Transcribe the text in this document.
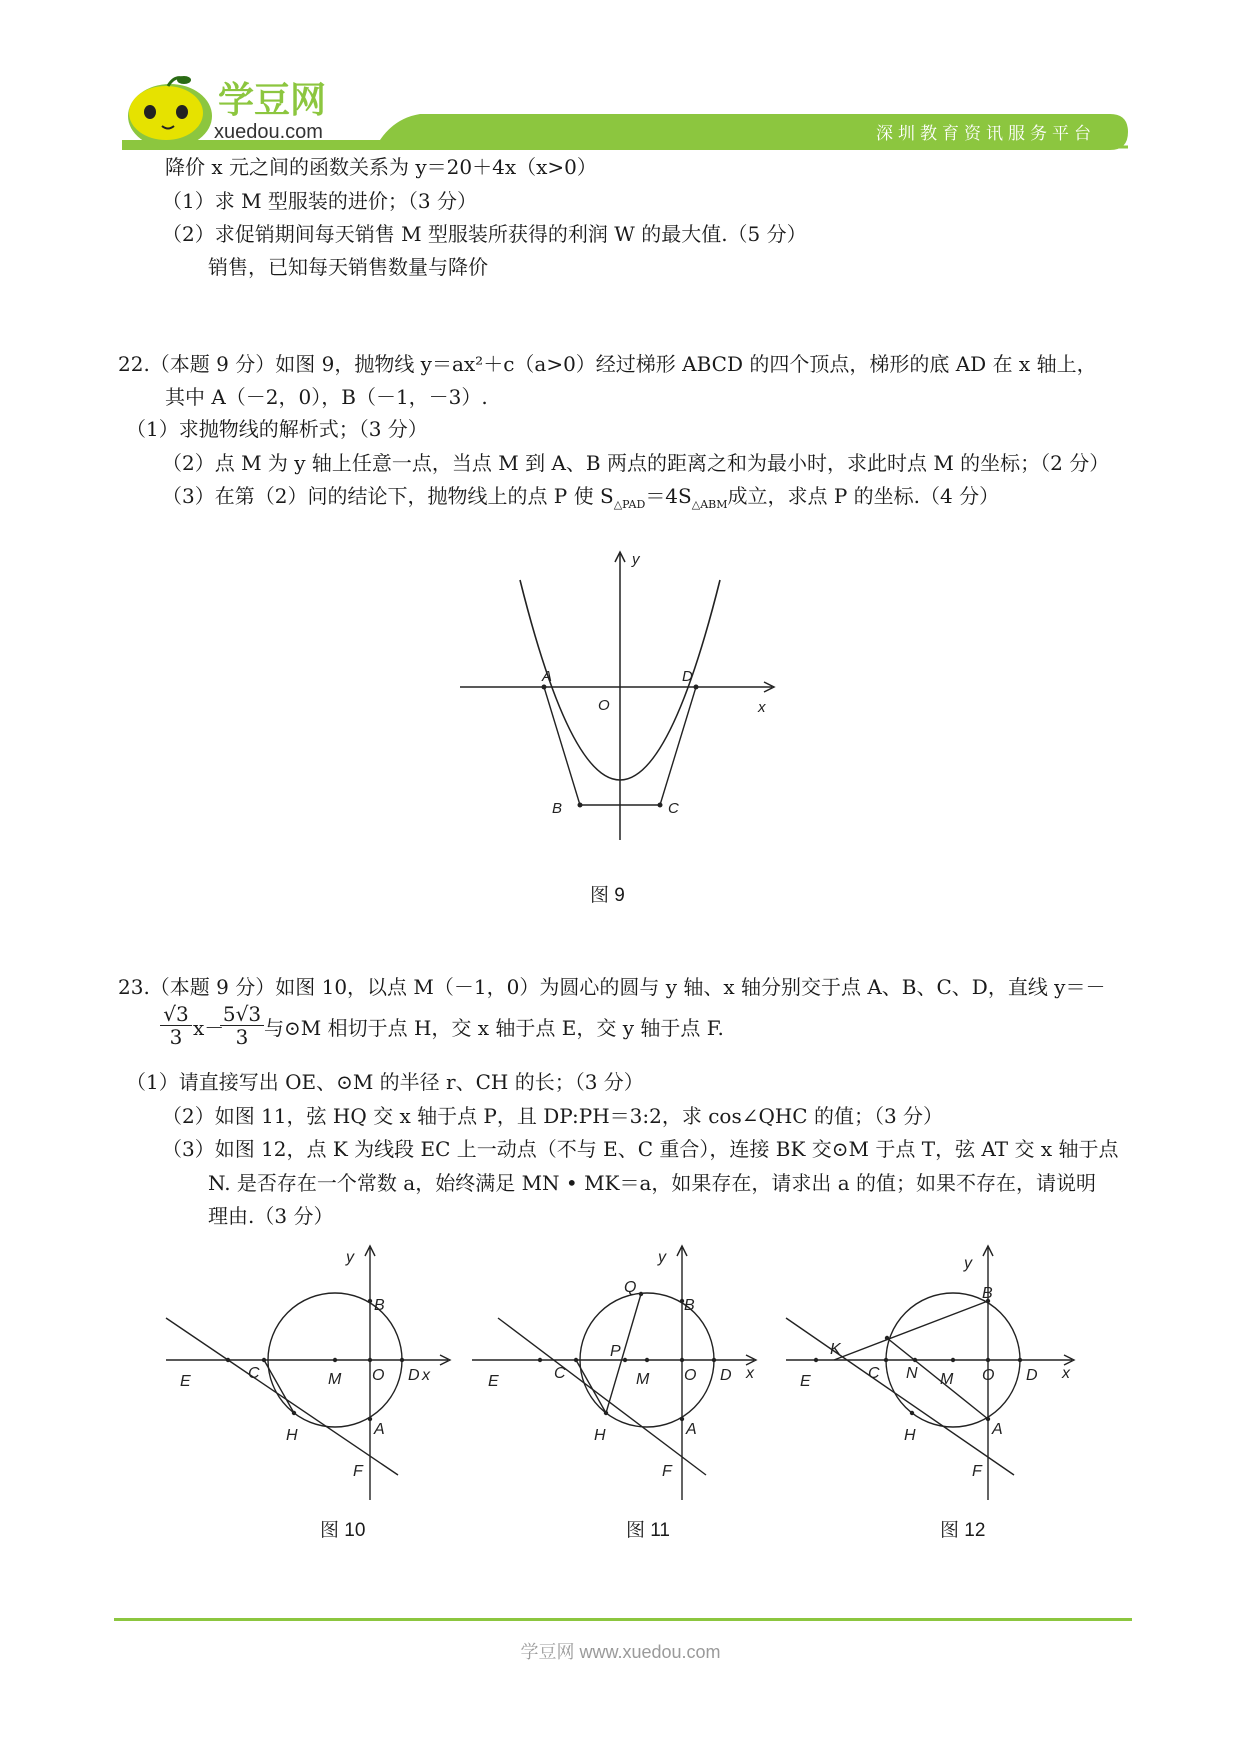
学豆网
xuedou.com	深圳教育资讯服务平台
降价 x 元之间的函数关系为 y＝20＋4x（x>0）
（1）求 M 型服装的进价；（3 分）
（2）求促销期间每天销售 M 型服装所获得的利润 W 的最大值.（5 分）
销售，已知每天销售数量与降价
22.（本题 9 分）如图 9，抛物线 y＝ax²＋c（a>0）经过梯形 ABCD 的四个顶点，梯形的底 AD 在 x 轴上，
其中 A（－2，0），B（－1，－3）.
（1）求抛物线的解析式；（3 分）
（2）点 M 为 y 轴上任意一点，当点 M 到 A、B 两点的距离之和为最小时，求此时点 M 的坐标；（2 分）
（3）在第（2）问的结论下，抛物线上的点 P 使 $S_{\triangle PAD}=4S_{\triangle ABM}$成立，求点 P 的坐标.（4 分）
y
x
O
A	D
B	C
图 9
23.（本题 9 分）如图 10，以点 M（－1，0）为圆心的圆与 y 轴、x 轴分别交于点 A、B、C、D，直线 y＝－
$\frac{√3}{3} x-$
$\frac{5√3}{3}$ 与⊙M 相切于点 H，交 x 轴于点 E，交 y 轴于点 F.
（1）请直接写出 OE、⊙M 的半径 r、CH 的长；（3 分）
（2）如图 11，弦 HQ 交 x 轴于点 P，且 DP:PH＝3:2，求 cos∠QHC 的值；（3 分）
（3）如图 12，点 K 为线段 EC 上一动点（不与 E、C 重合），连接 BK 交⊙M 于点 T，弦 AT 交 x 轴于点
N. 是否存在一个常数 a，始终满足 MN • MK＝a，如果存在，请求出 a 的值；如果不存在，请说明
理由.（3 分）
y
B
C	M O D x
E
H	A
F
图 10
y
Q
B
P
C	M O D x
E
H	A
F
图 11
y
B
K
C N M O D x
E
H	A
F
图 12
学豆网 www.xuedou.com
